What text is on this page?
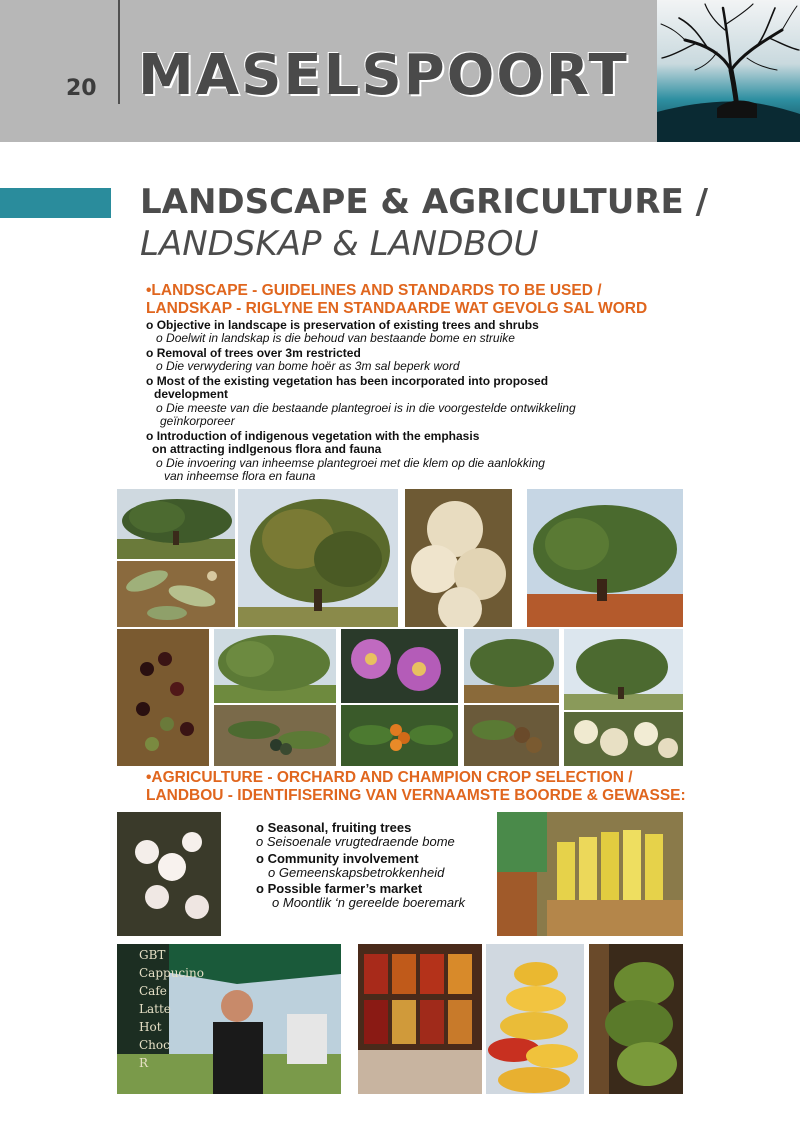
20 MASELSPOORT
LANDSCAPE & AGRICULTURE /
LANDSKAP & LANDBOU
•LANDSCAPE - GUIDELINES AND STANDARDS TO BE USED /
LANDSKAP - RIGLYNE EN STANDAARDE WAT GEVOLG SAL WORD
o Objective in landscape is preservation of existing trees and shrubs
o Doelwit in landskap is die behoud van bestaande bome en struike
o Removal of trees over 3m restricted
o Die verwydering van bome hoër as 3m sal beperk word
o Most of the existing vegetation has been incorporated into proposed
development
o Die meeste van die bestaande plantegroei is in die voorgestelde ontwikkeling
geïnkorporeer
o Introduction of indigenous vegetation with the emphasis
on attracting indlgenous flora and fauna
o Die invoering van inheemse plantegroei met die klem op die aanlokking
van inheemse flora en fauna
•AGRICULTURE - ORCHARD AND CHAMPION CROP SELECTION /
LANDBOU - IDENTIFISERING VAN VERNAAMSTE BOORDE & GEWASSE:
o Seasonal, fruiting trees
o Seisoenale vrugtedraende bome
o Community involvement
o Gemeenskapsbetrokkenheid
o Possible farmer’s market
o Moontlik ‘n gereelde boeremark
GBT
Cappucino
Cafe Latte
Hot Choc
R
